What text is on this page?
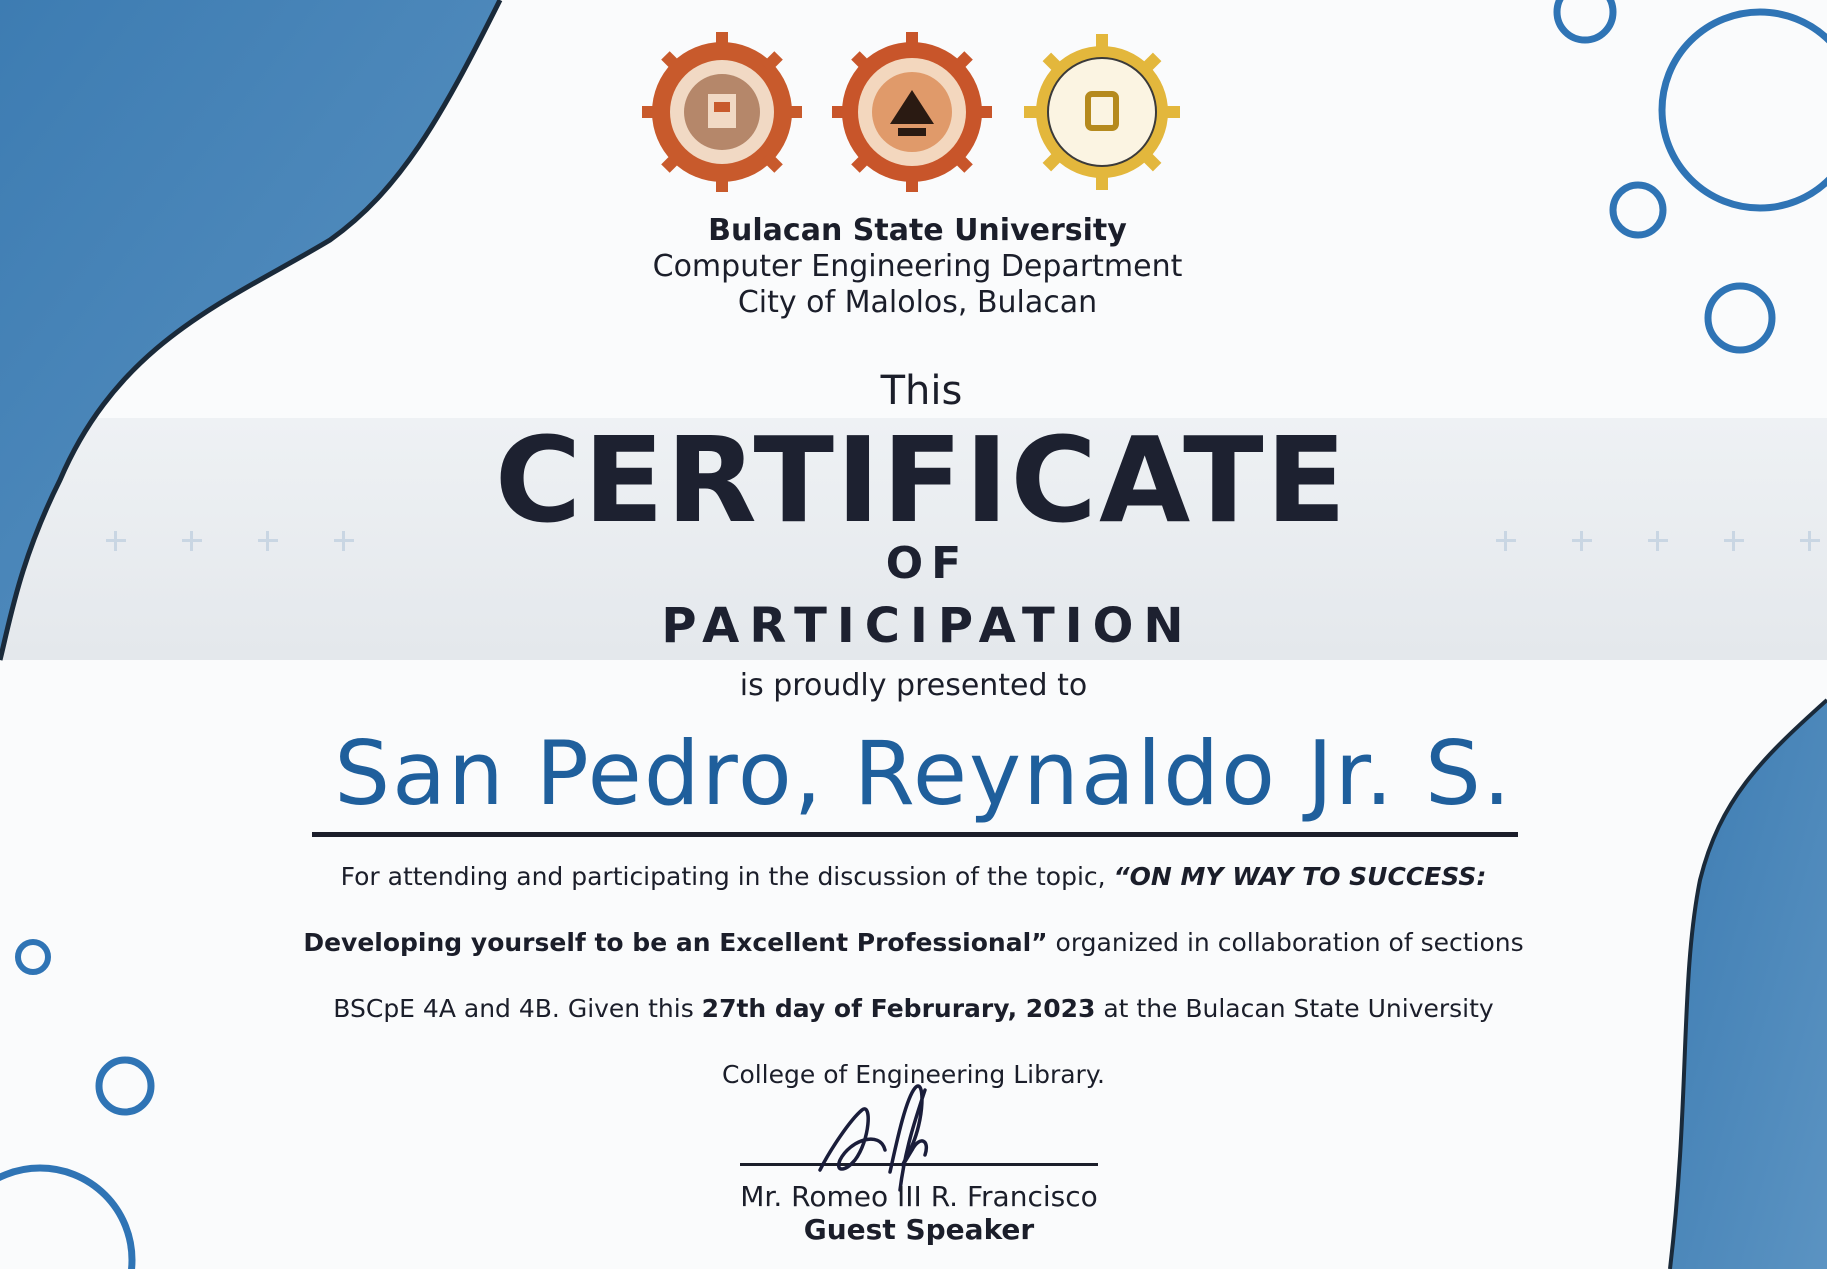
Bulacan State University
Computer Engineering Department
City of Malolos, Bulacan
This
CERTIFICATE
OF
PARTICIPATION
is proudly presented to
San Pedro, Reynaldo Jr. S.
For attending and participating in the discussion of the topic, “ON MY WAY TO SUCCESS:
Developing yourself to be an Excellent Professional” organized in collaboration of sections
BSCpE 4A and 4B. Given this 27th day of Februrary, 2023 at the Bulacan State University
College of Engineering Library.
Mr. Romeo III R. Francisco
Guest Speaker
